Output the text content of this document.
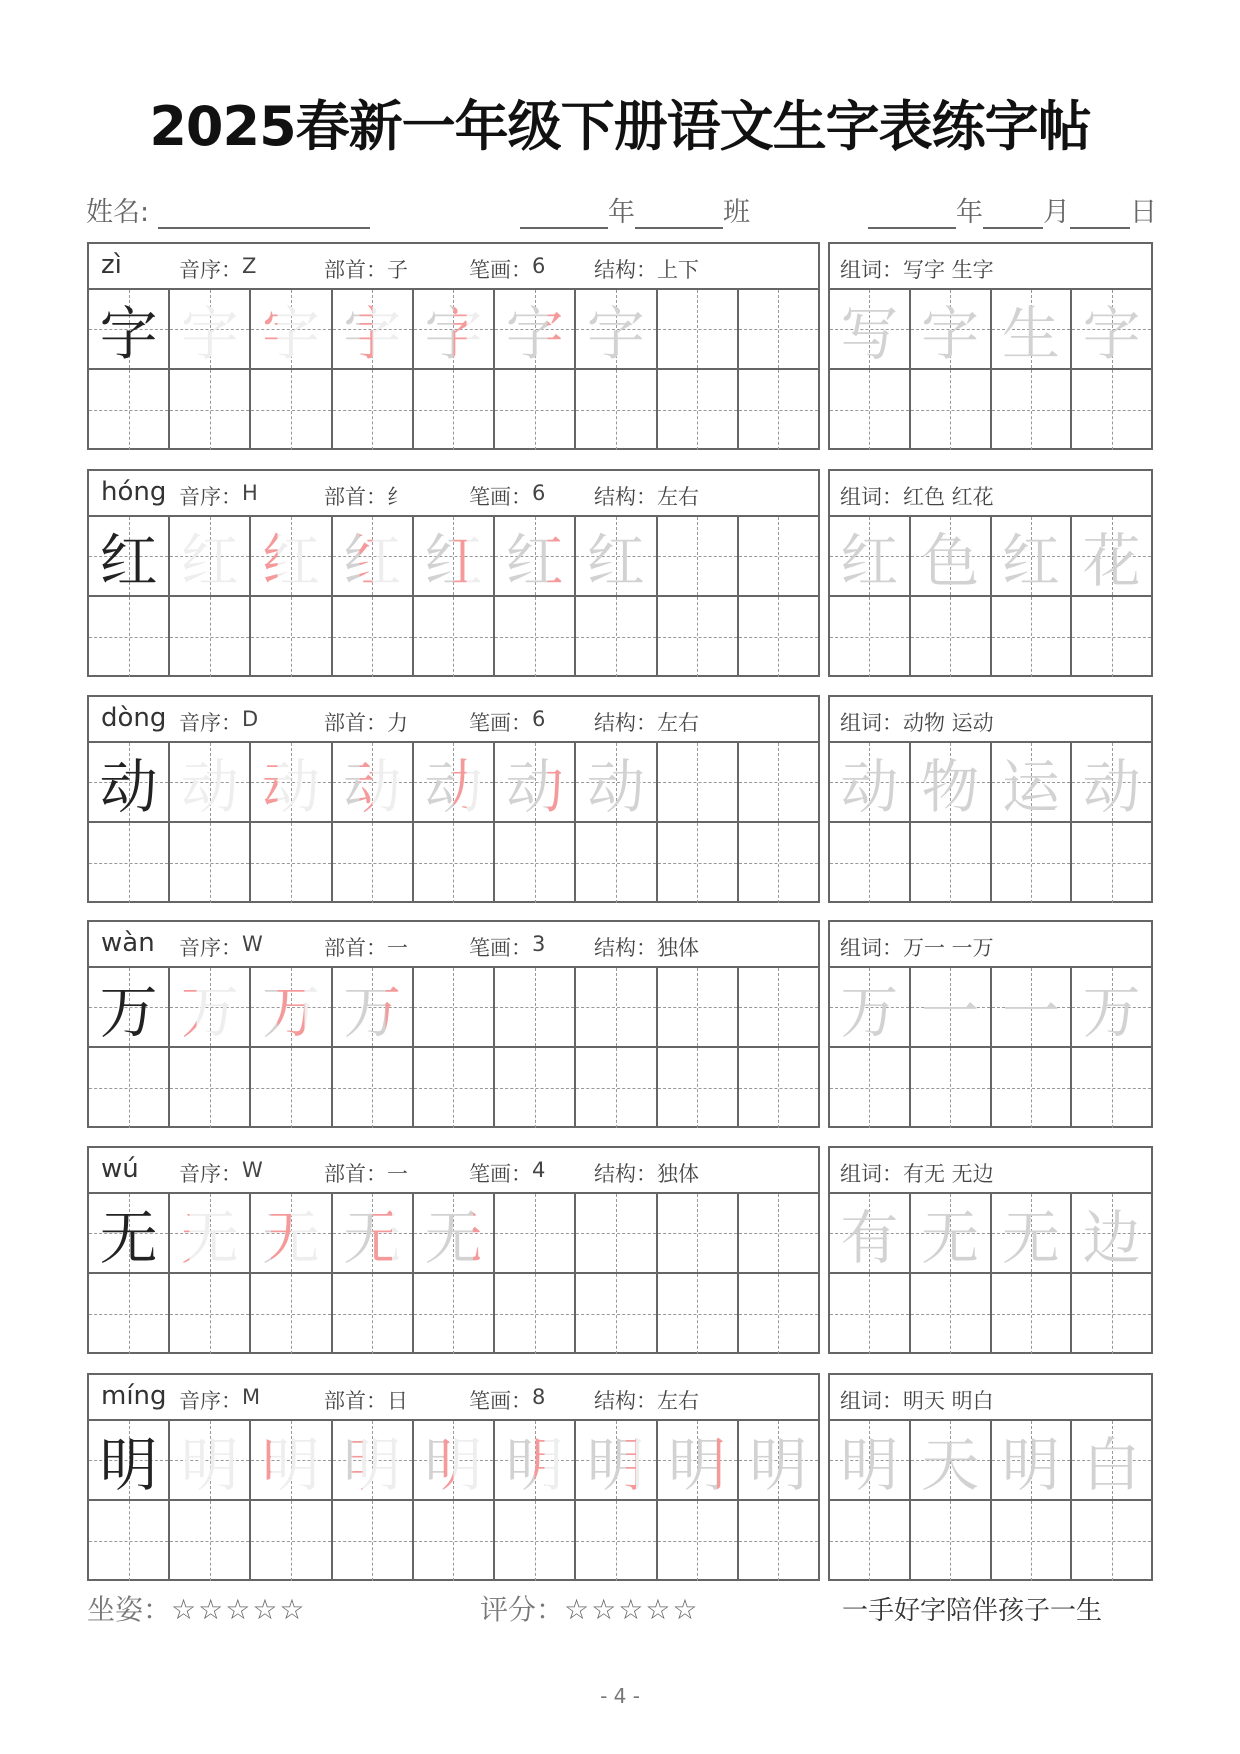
2025春新一年级下册语文生字表练字帖
姓名:	年	班	年 月 日
zì	音序： Z	部首： 子	笔画： 6 结构： 上下
字 字 字 字 字 字 字
组词： 写字 生字
写 字 生 字
hóng 音序： H	部首： 纟	笔画： 6 结构： 左右
红 红 红 红 红 红 红
组词： 红色 红花
红 色 红 花
dòng 音序： D	部首： 力	笔画： 6 结构： 左右
动 动 动 动 动 动 动
组词： 动物 运动
动 物 运 动
wàn 音序： W	部首： 一	笔画： 3 结构： 独体
万 万 万 万
组词： 万一 一万
万 一 一 万
wú 音序： W	部首： 一	笔画： 4 结构： 独体
无 无 无 无 无
组词： 有无 无边
有 无 无 边
míng 音序： M	部首： 日	笔画： 8 结构： 左右
明 明 明 明 明 明 明 明 明
组词： 明天 明白
明 天 明 白
坐姿：☆☆☆☆☆	评分：☆☆☆☆☆	一手好字陪伴孩子一生
- 4 -
